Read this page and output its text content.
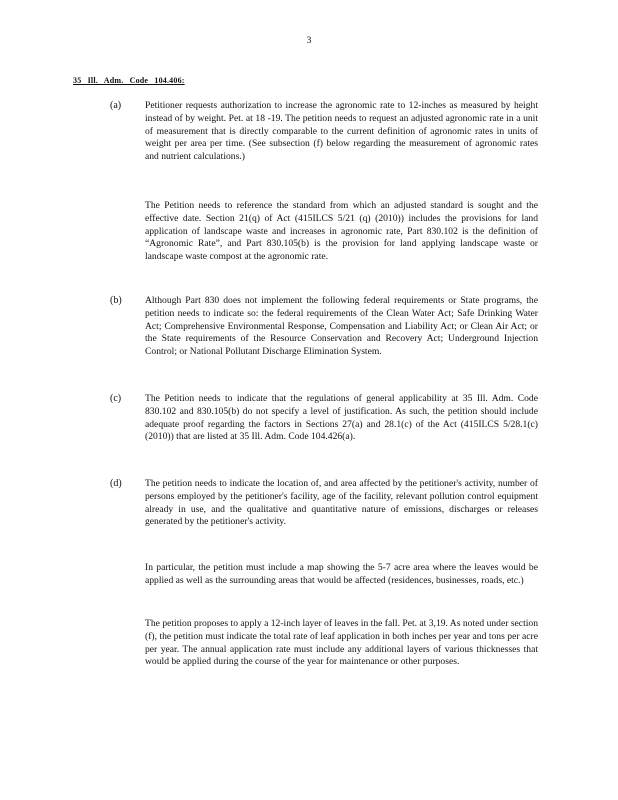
3
35 Ill. Adm. Code 104.406:
(a) Petitioner requests authorization to increase the agronomic rate to 12-inches as measured by height instead of by weight. Pet. at 18 -19. The petition needs to request an adjusted agronomic rate in a unit of measurement that is directly comparable to the current definition of agronomic rates in units of weight per area per time. (See subsection (f) below regarding the measurement of agronomic rates and nutrient calculations.)

The Petition needs to reference the standard from which an adjusted standard is sought and the effective date. Section 21(q) of Act (415ILCS 5/21 (q) (2010)) includes the provisions for land application of landscape waste and increases in agronomic rate, Part 830.102 is the definition of “Agronomic Rate”, and Part 830.105(b) is the provision for land applying landscape waste or landscape waste compost at the agronomic rate.

(b) Although Part 830 does not implement the following federal requirements or State programs, the petition needs to indicate so: the federal requirements of the Clean Water Act; Safe Drinking Water Act; Comprehensive Environmental Response, Compensation and Liability Act; or Clean Air Act; or the State requirements of the Resource Conservation and Recovery Act; Underground Injection Control; or National Pollutant Discharge Elimination System.

(c) The Petition needs to indicate that the regulations of general applicability at 35 Ill. Adm. Code 830.102 and 830.105(b) do not specify a level of justification. As such, the petition should include adequate proof regarding the factors in Sections 27(a) and 28.1(c) of the Act (415ILCS 5/28.1(c) (2010)) that are listed at 35 Ill. Adm. Code 104.426(a).

(d) The petition needs to indicate the location of, and area affected by the petitioner's activity, number of persons employed by the petitioner's facility, age of the facility, relevant pollution control equipment already in use, and the qualitative and quantitative nature of emissions, discharges or releases generated by the petitioner's activity.

In particular, the petition must include a map showing the 5-7 acre area where the leaves would be applied as well as the surrounding areas that would be affected (residences, businesses, roads, etc.)

The petition proposes to apply a 12-inch layer of leaves in the fall. Pet. at 3,19. As noted under section (f), the petition must indicate the total rate of leaf application in both inches per year and tons per acre per year. The annual application rate must include any additional layers of various thicknesses that would be applied during the course of the year for maintenance or other purposes.
